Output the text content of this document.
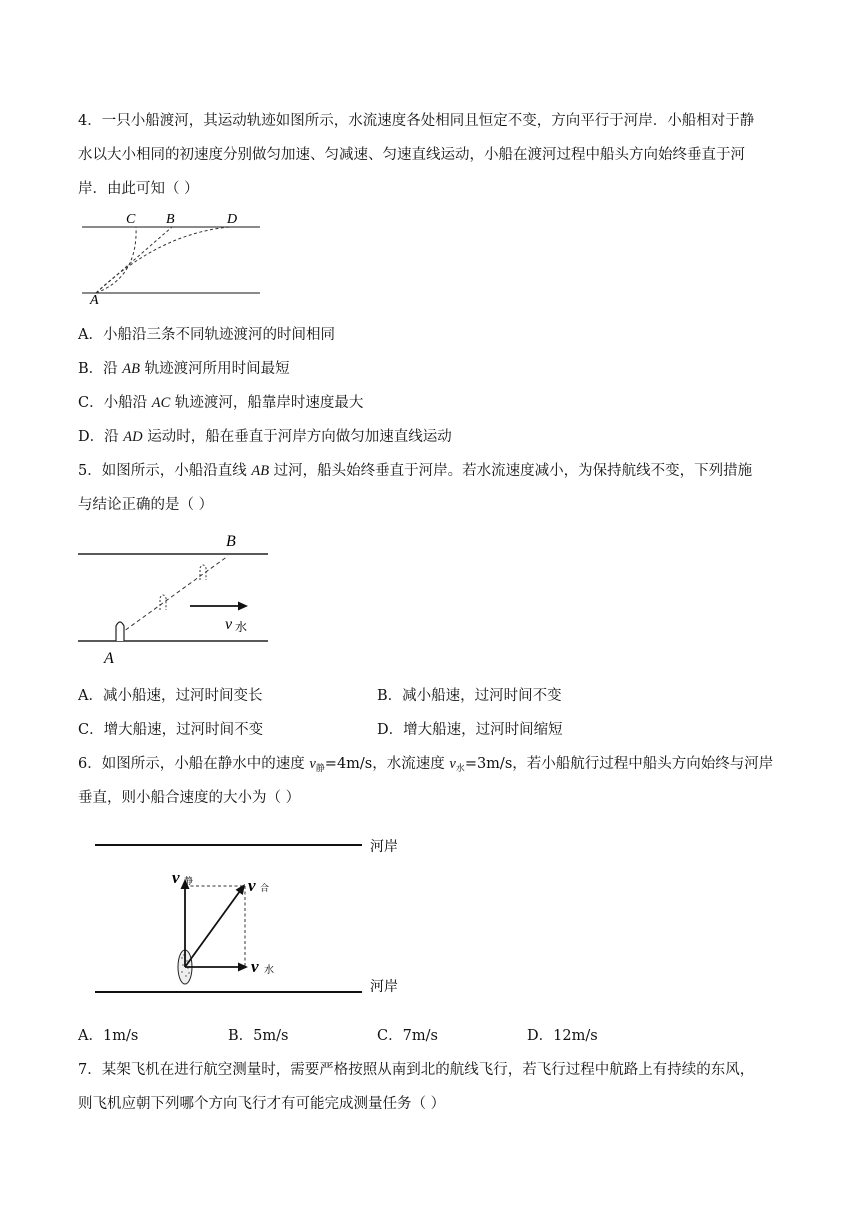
4．一只小船渡河，其运动轨迹如图所示，水流速度各处相同且恒定不变，方向平行于河岸．小船相对于静
水以大小相同的初速度分别做匀加速、匀减速、匀速直线运动，小船在渡河过程中船头方向始终垂直于河
岸．由此可知（ ）
C B	D
A
A．小船沿三条不同轨迹渡河的时间相同
B．沿 AB 轨迹渡河所用时间最短
C．小船沿 AC 轨迹渡河，船靠岸时速度最大
D．沿 AD 运动时，船在垂直于河岸方向做匀加速直线运动
5．如图所示，小船沿直线 AB 过河，船头始终垂直于河岸。若水流速度减小，为保持航线不变，下列措施
与结论正确的是（ ）
v 水
B
A
A．减小船速，过河时间变长	B．减小船速，过河时间不变
C．增大船速，过河时间不变	D．增大船速，过河时间缩短
6．如图所示，小船在静水中的速度 $v_静=4m/s$，水流速度 $v_水=3m/s$，若小船航行过程中船头方向始终与河岸
垂直，则小船合速度的大小为（ ）
河岸
河岸
v 静	v 合
v 水
A．1m/s	B．5m/s	C．7m/s	D．12m/s
7．某架飞机在进行航空测量时，需要严格按照从南到北的航线飞行，若飞行过程中航路上有持续的东风，
则飞机应朝下列哪个方向飞行才有可能完成测量任务（ ）
